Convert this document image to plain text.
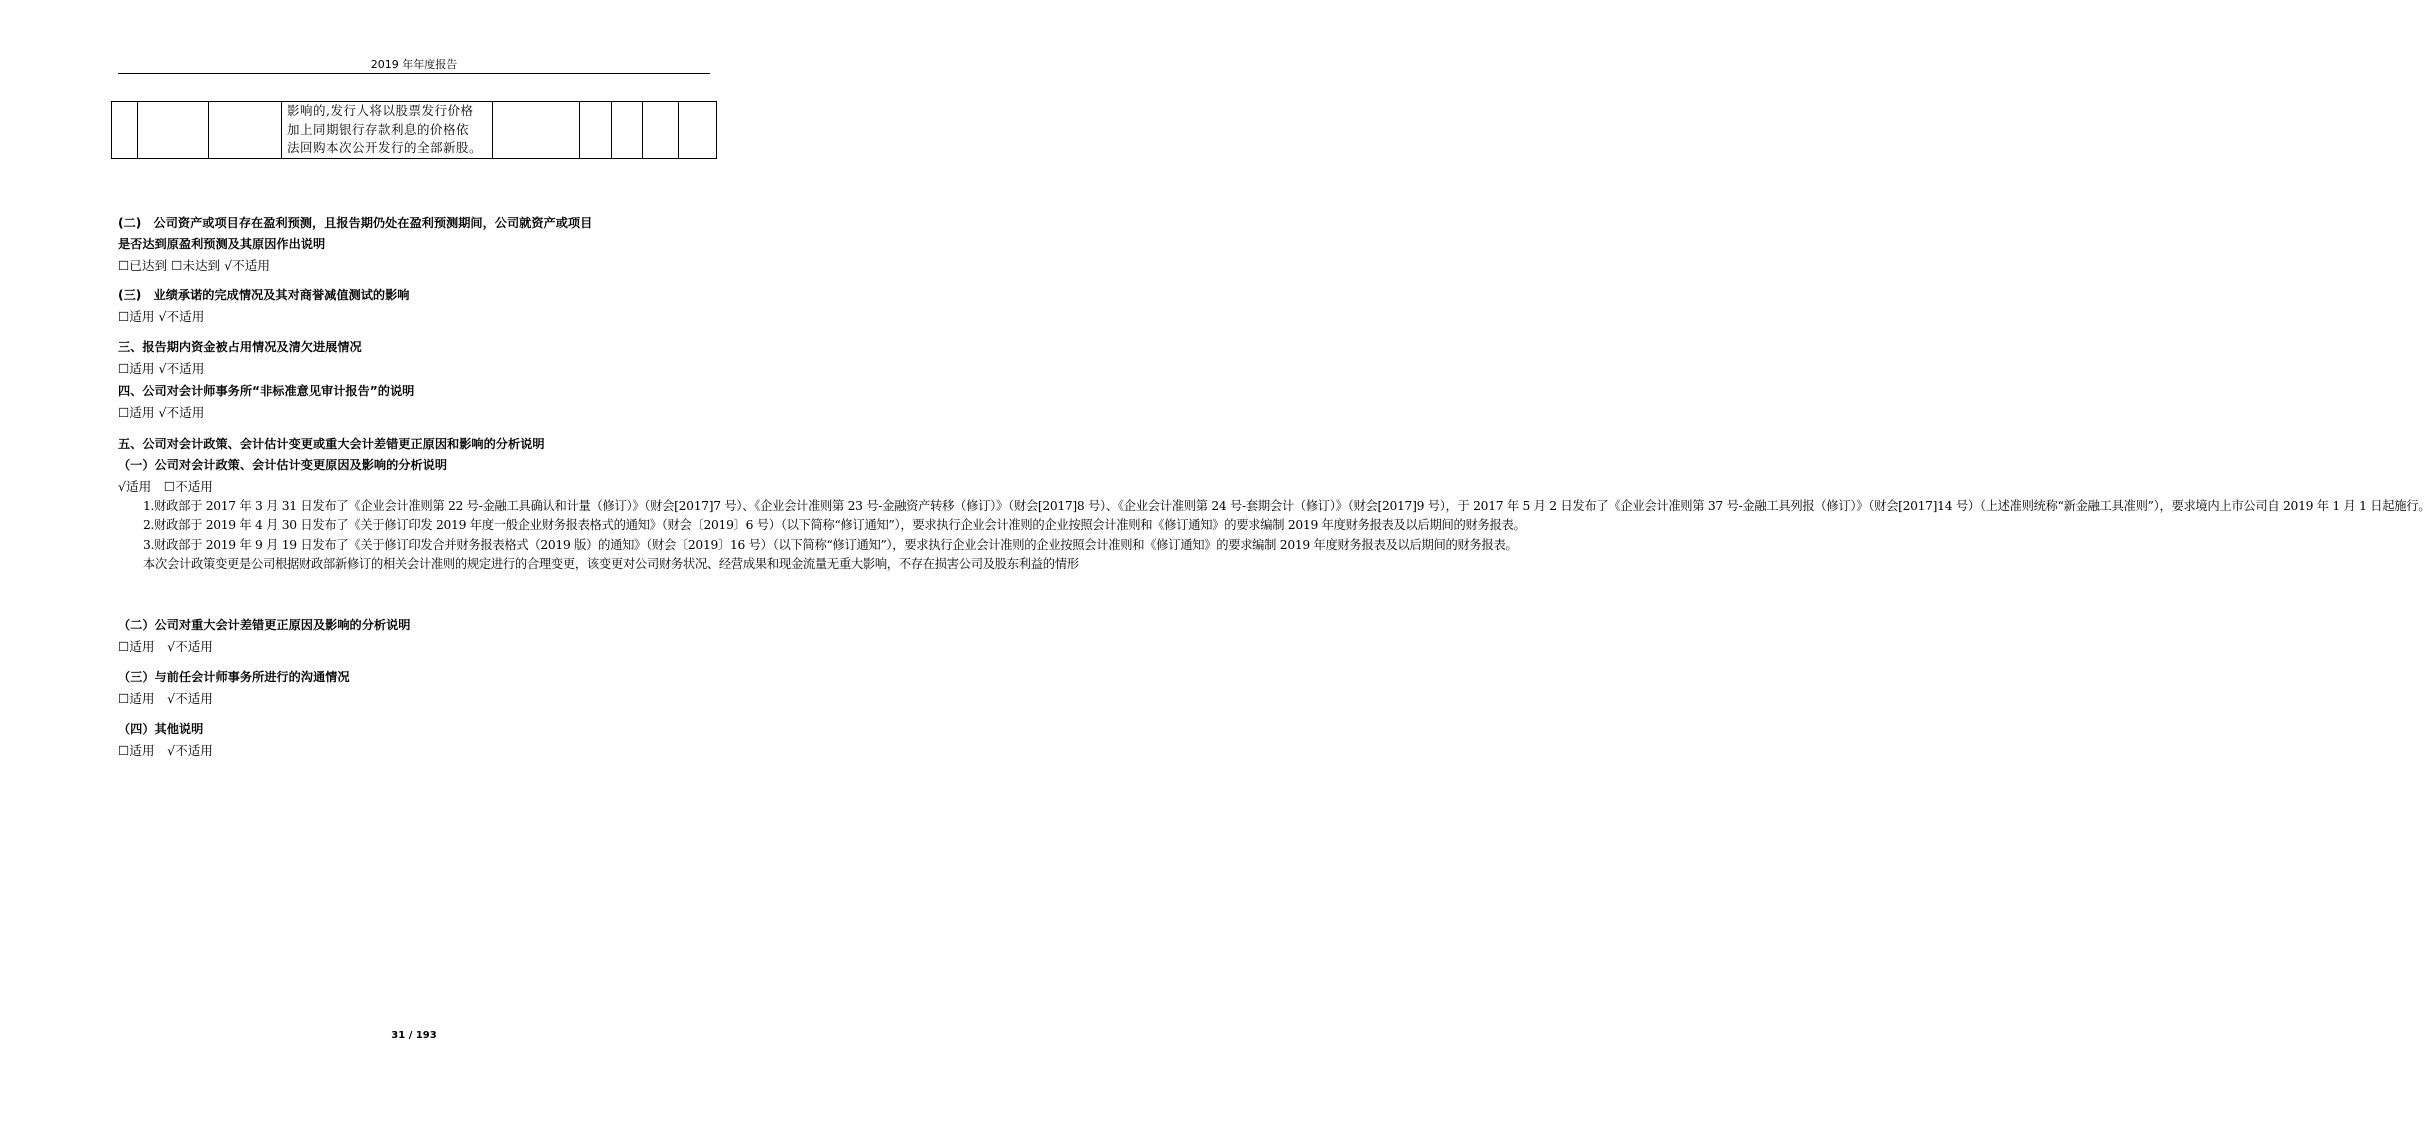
2019 年年度报告

影响的,发行人将以股票发行价格
加上同期银行存款利息的价格依
法回购本次公开发行的全部新股。

(二)　公司资产或项目存在盈利预测，且报告期仍处在盈利预测期间，公司就资产或项目

是否达到原盈利预测及其原因作出说明

☐已达到 ☐未达到 √不适用

(三)　业绩承诺的完成情况及其对商誉减值测试的影响

☐适用 √不适用

三、报告期内资金被占用情况及清欠进展情况

☐适用 √不适用

四、公司对会计师事务所“非标准意见审计报告”的说明

☐适用 √不适用

五、公司对会计政策、会计估计变更或重大会计差错更正原因和影响的分析说明

（一）公司对会计政策、会计估计变更原因及影响的分析说明

√适用　☐不适用

1.财政部于 2017 年 3 月 31 日发布了《企业会计准则第 22 号-金融工具确认和计量（修订）》（财会[2017]7 号）、《企业会计准则第 23 号-金融资产转移（修订）》（财会[2017]8 号）、《企业会计准则第 24 号-套期会计（修订）》（财会[2017]9 号），于 2017 年 5 月 2 日发布了《企业会计准则第 37 号-金融工具列报（修订）》（财会[2017]14 号）（上述准则统称“新金融工具准则”），要求境内上市公司自 2019 年 1 月 1 日起施行。

2.财政部于 2019 年 4 月 30 日发布了《关于修订印发 2019 年度一般企业财务报表格式的通知》（财会〔2019〕6 号）（以下简称“修订通知”），要求执行企业会计准则的企业按照会计准则和《修订通知》的要求编制 2019 年度财务报表及以后期间的财务报表。

3.财政部于 2019 年 9 月 19 日发布了《关于修订印发合并财务报表格式（2019 版）的通知》（财会〔2019〕16 号）（以下简称“修订通知”），要求执行企业会计准则的企业按照会计准则和《修订通知》的要求编制 2019 年度财务报表及以后期间的财务报表。

本次会计政策变更是公司根据财政部新修订的相关会计准则的规定进行的合理变更，该变更对公司财务状况、经营成果和现金流量无重大影响，不存在损害公司及股东利益的情形

（二）公司对重大会计差错更正原因及影响的分析说明

☐适用　√不适用

（三）与前任会计师事务所进行的沟通情况

☐适用　√不适用

（四）其他说明

☐适用　√不适用

31 / 193
